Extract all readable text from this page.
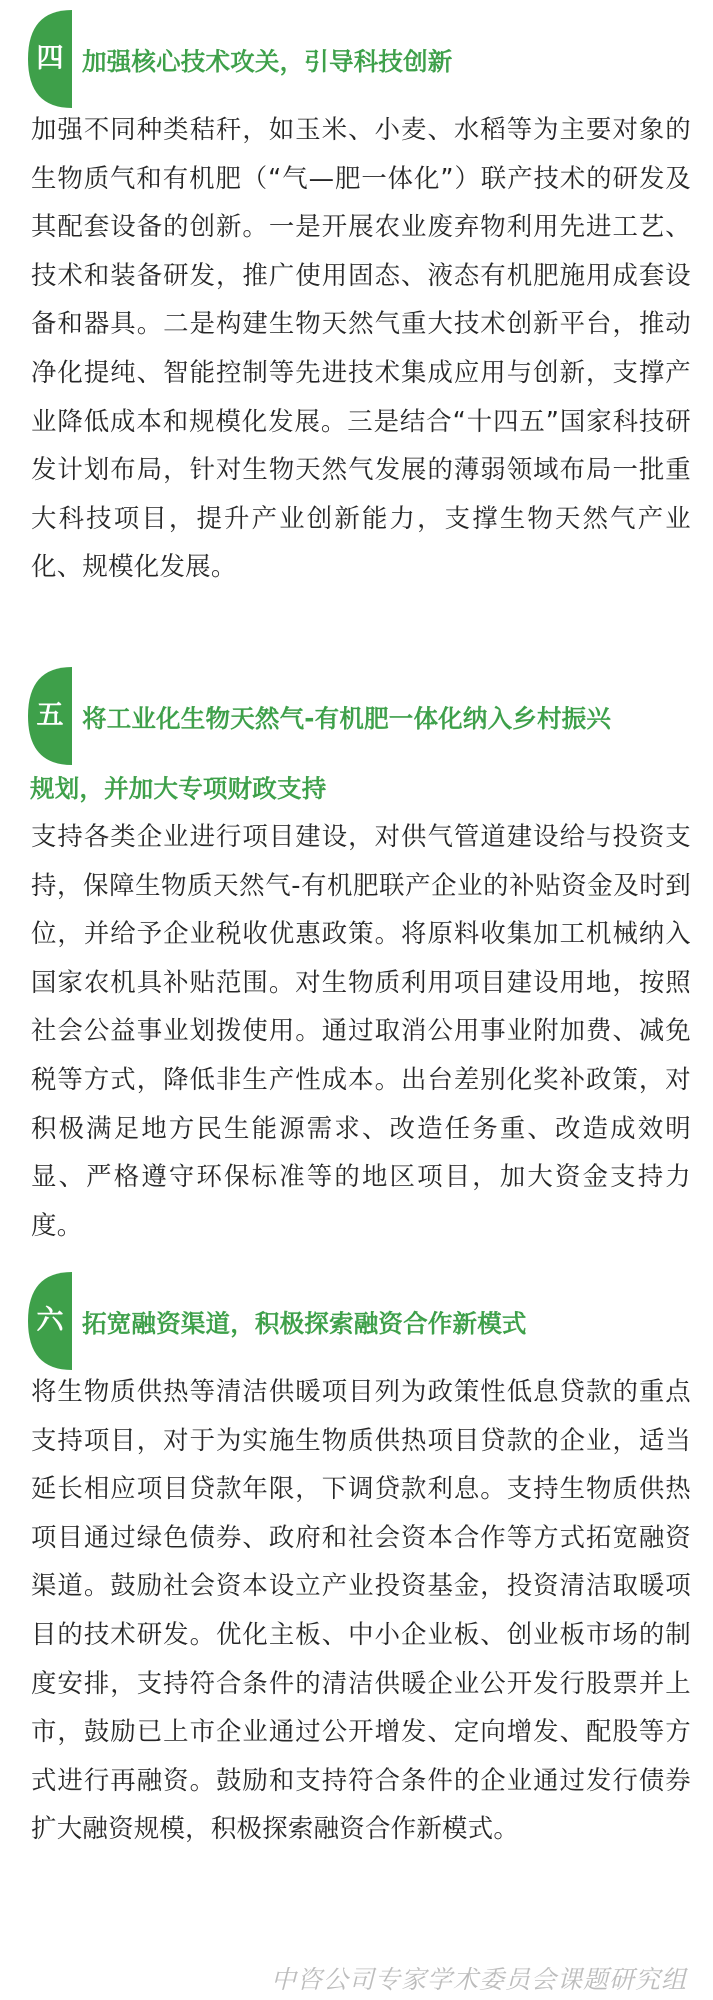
四 加强核心技术攻关，引导科技创新

加强不同种类秸秆，如玉米、小麦、水稻等为主要对象的生物质气和有机肥（“气—肥一体化”）联产技术的研发及其配套设备的创新。一是开展农业废弃物利用先进工艺、技术和装备研发，推广使用固态、液态有机肥施用成套设备和器具。二是构建生物天然气重大技术创新平台，推动净化提纯、智能控制等先进技术集成应用与创新，支撑产业降低成本和规模化发展。三是结合“十四五”国家科技研发计划布局，针对生物天然气发展的薄弱领域布局一批重大科技项目，提升产业创新能力，支撑生物天然气产业化、规模化发展。

五 将工业化生物天然气-有机肥一体化纳入乡村振兴
规划，并加大专项财政支持

支持各类企业进行项目建设，对供气管道建设给与投资支持，保障生物质天然气-有机肥联产企业的补贴资金及时到位，并给予企业税收优惠政策。将原料收集加工机械纳入国家农机具补贴范围。对生物质利用项目建设用地，按照社会公益事业划拨使用。通过取消公用事业附加费、减免税等方式，降低非生产性成本。出台差别化奖补政策，对积极满足地方民生能源需求、改造任务重、改造成效明显、严格遵守环保标准等的地区项目，加大资金支持力度。

六 拓宽融资渠道，积极探索融资合作新模式

将生物质供热等清洁供暖项目列为政策性低息贷款的重点支持项目，对于为实施生物质供热项目贷款的企业，适当延长相应项目贷款年限，下调贷款利息。支持生物质供热项目通过绿色债券、政府和社会资本合作等方式拓宽融资渠道。鼓励社会资本设立产业投资基金，投资清洁取暖项目的技术研发。优化主板、中小企业板、创业板市场的制度安排，支持符合条件的清洁供暖企业公开发行股票并上市，鼓励已上市企业通过公开增发、定向增发、配股等方式进行再融资。鼓励和支持符合条件的企业通过发行债券扩大融资规模，积极探索融资合作新模式。

中咨公司专家学术委员会课题研究组
